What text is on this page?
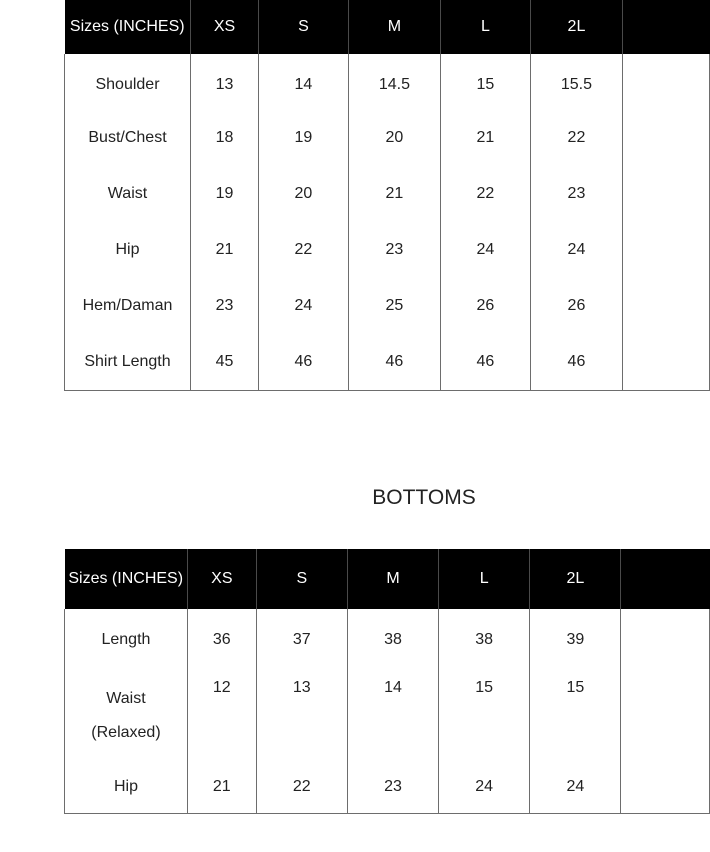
Sizes (INCHES)	XS	S	M	L	2L	
Shoulder	13	14	14.5	15	15.5	
Bust/Chest	18	19	20	21	22	
Waist	19	20	21	22	23	
Hip	21	22	23	24	24	
Hem/Daman	23	24	25	26	26	
Shirt Length	45	46	46	46	46	
BOTTOMS
Sizes (INCHES)	XS	S	M	L	2L	
Length	36	37	38	38	39	

Waist
(Relaxed)	12	13	14	15	15	
Hip	21	22	23	24	24	
